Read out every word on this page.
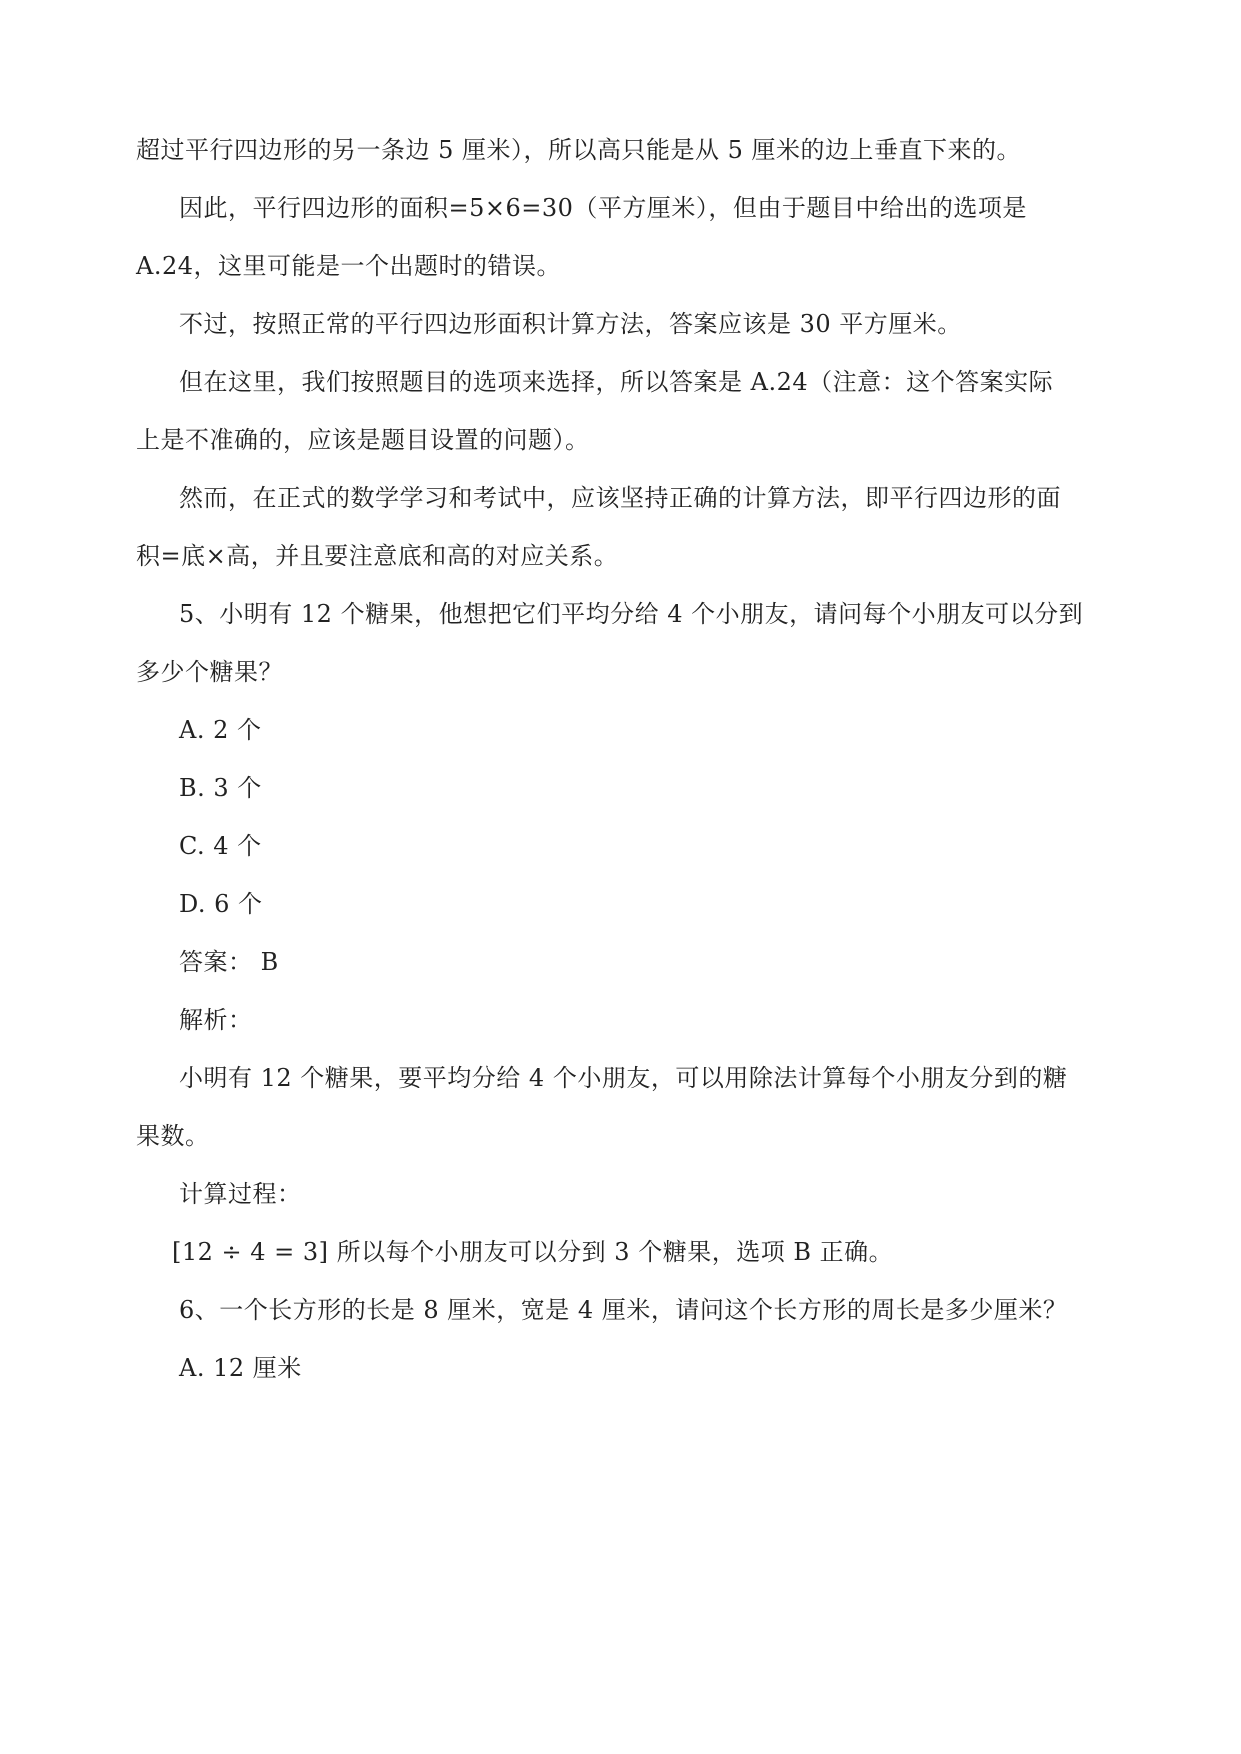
超过平行四边形的另一条边 5 厘米），所以高只能是从 5 厘米的边上垂直下来的。
因此，平行四边形的面积=5×6=30（平方厘米），但由于题目中给出的选项是
A.24，这里可能是一个出题时的错误。
不过，按照正常的平行四边形面积计算方法，答案应该是 30 平方厘米。
但在这里，我们按照题目的选项来选择，所以答案是 A.24（注意：这个答案实际
上是不准确的，应该是题目设置的问题）。
然而，在正式的数学学习和考试中，应该坚持正确的计算方法，即平行四边形的面
积=底×高，并且要注意底和高的对应关系。
5、小明有 12 个糖果，他想把它们平均分给 4 个小朋友，请问每个小朋友可以分到
多少个糖果？
A. 2 个
B. 3 个
C. 4 个
D. 6 个
答案： B
解析：
小明有 12 个糖果，要平均分给 4 个小朋友，可以用除法计算每个小朋友分到的糖
果数。
计算过程：
[12 ÷ 4 = 3] 所以每个小朋友可以分到 3 个糖果，选项 B 正确。
6、一个长方形的长是 8 厘米，宽是 4 厘米，请问这个长方形的周长是多少厘米？
A. 12 厘米
